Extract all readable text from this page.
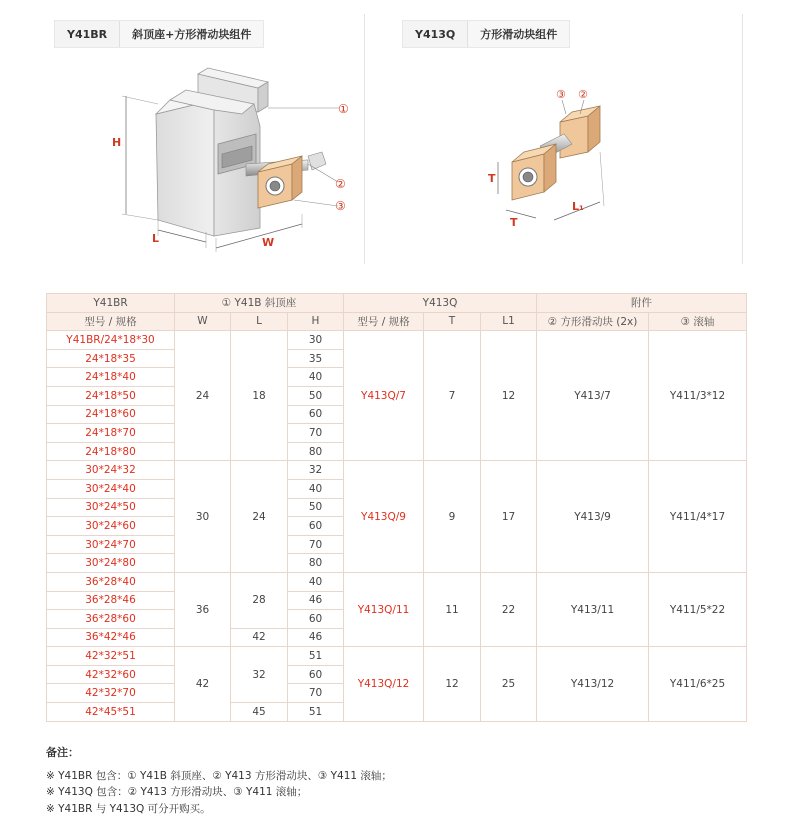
Y41BR	斜顶座+方形滑动块组件
①
②
③
H
L	W
Y413Q	方形滑动块组件
③ ②
T
T
L₁
Y41BR	① Y41B 斜顶座			Y413Q			附件	
型号 / 规格	W	L	H	型号 / 规格	T	L1	② 方形滑动块 (2x)	③ 滚轴
Y41BR/24*18*30	24	18	30	Y413Q/7	7	12	Y413/7	Y411/3*12
24*18*35			35					
24*18*40			40					
24*18*50			50					
24*18*60			60					
24*18*70			70					
24*18*80			80					
30*24*32	30	24	32	Y413Q/9	9	17	Y413/9	Y411/4*17
30*24*40			40					
30*24*50			50					
30*24*60			60					
30*24*70			70					
30*24*80			80					
36*28*40	36	28	40	Y413Q/11	11	22	Y413/11	Y411/5*22
36*28*46			46					
36*28*60			60					
36*42*46		42	46					
42*32*51	42	32	51	Y413Q/12	12	25	Y413/12	Y411/6*25
42*32*60			60					
42*32*70			70					
42*45*51		45	51					
备注：
※ Y41BR 包含：① Y41B 斜顶座、② Y413 方形滑动块、③ Y411 滚轴；
※ Y413Q 包含：② Y413 方形滑动块、③ Y411 滚轴；
※ Y41BR 与 Y413Q 可分开购买。
